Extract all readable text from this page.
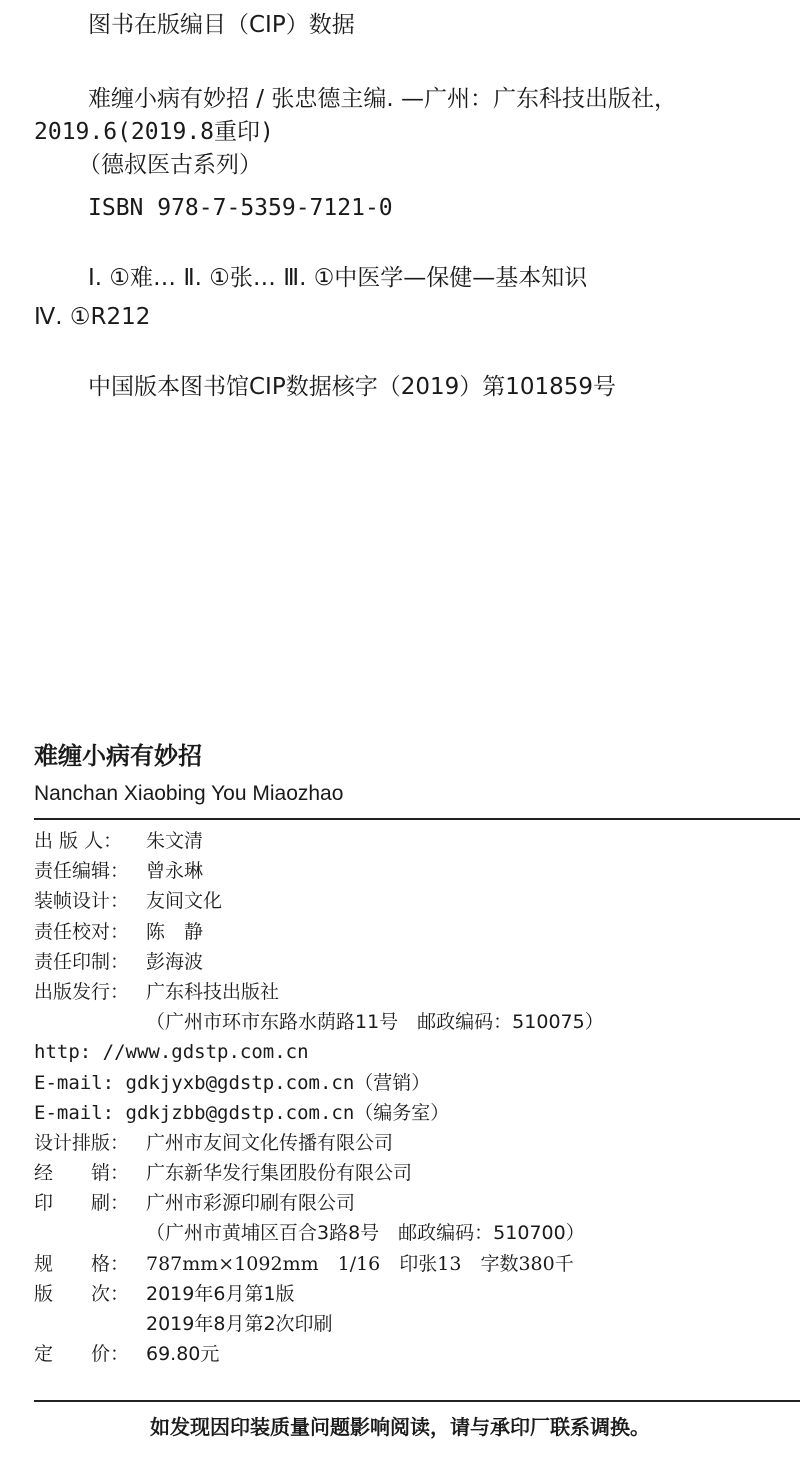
图书在版编目（CIP）数据
难缠小病有妙招 / 张忠德主编. —广州：广东科技出版社，
2019.6(2019.8重印)
（德叔医古系列）
ISBN 978-7-5359-7121-0
Ⅰ. ①难… Ⅱ. ①张… Ⅲ. ①中医学—保健—基本知识
Ⅳ. ①R212
中国版本图书馆CIP数据核字（2019）第101859号
难缠小病有妙招
Nanchan Xiaobing You Miaozhao
出 版 人： 朱文清
责任编辑： 曾永琳
装帧设计： 友间文化
责任校对： 陈　静
责任印制： 彭海波
出版发行： 广东科技出版社
（广州市环市东路水荫路11号　邮政编码：510075）
http: //www.gdstp.com.cn
E-mail: gdkjyxb@gdstp.com.cn（营销）
E-mail: gdkjzbb@gdstp.com.cn（编务室）
设计排版： 广州市友间文化传播有限公司
经　　销： 广东新华发行集团股份有限公司
印　　刷： 广州市彩源印刷有限公司
（广州市黄埔区百合3路8号　邮政编码：510700）
规　　格： 787mm×1092mm　1/16　印张13　字数380千
版　　次： 2019年6月第1版
2019年8月第2次印刷
定　　价： 69.80元
如发现因印装质量问题影响阅读，请与承印厂联系调换。
